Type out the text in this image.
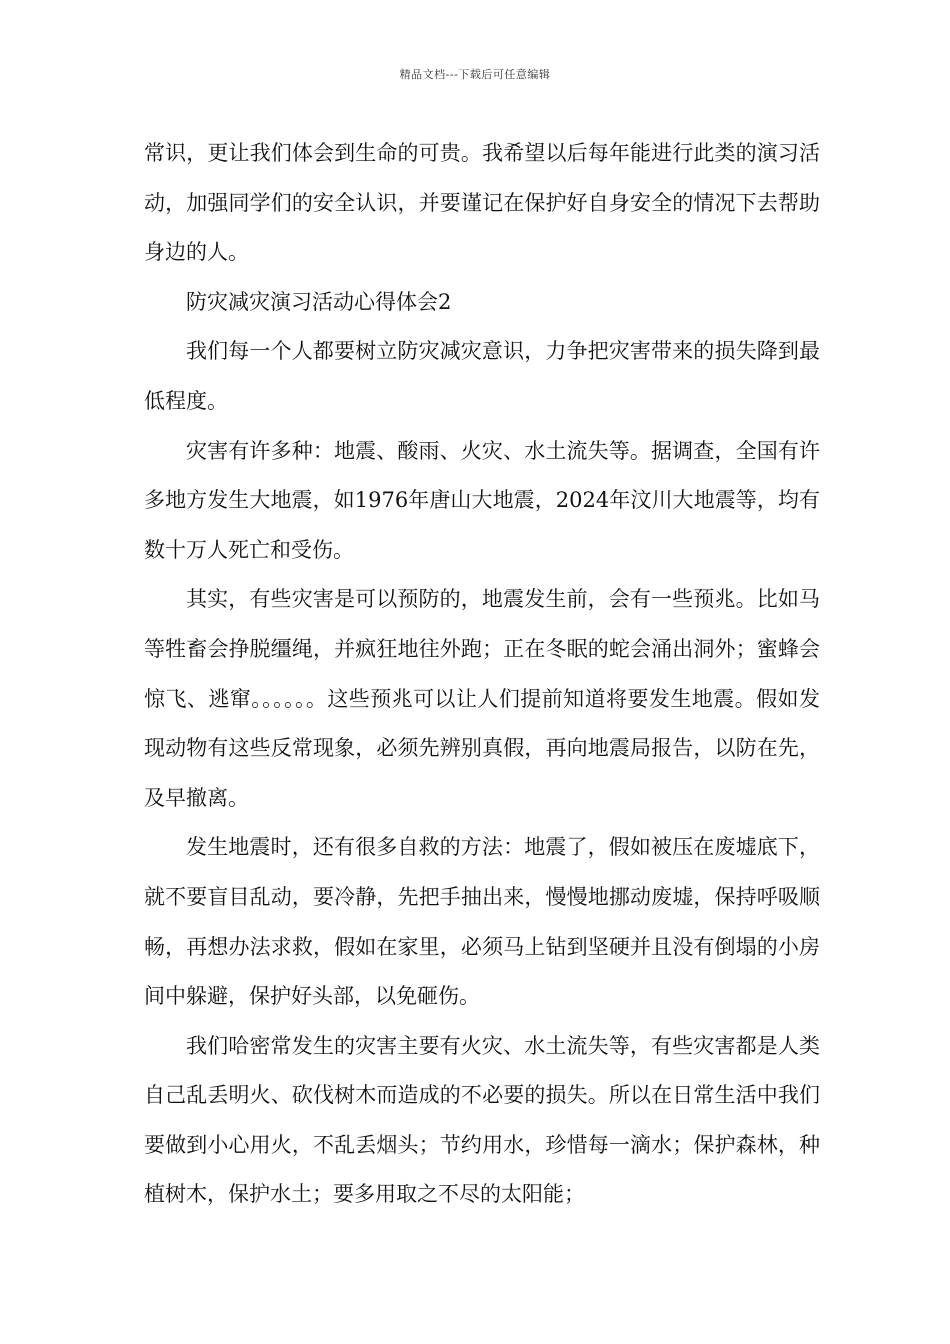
精品文档---下载后可任意编辑

常识，更让我们体会到生命的可贵。我希望以后每年能进行此类的演习活动，加强同学们的安全认识，并要谨记在保护好自身安全的情况下去帮助身边的人。

防灾减灾演习活动心得体会2

我们每一个人都要树立防灾减灾意识，力争把灾害带来的损失降到最低程度。

灾害有许多种：地震、酸雨、火灾、水土流失等。据调查，全国有许多地方发生大地震，如1976年唐山大地震，2024年汶川大地震等，均有数十万人死亡和受伤。

其实，有些灾害是可以预防的，地震发生前，会有一些预兆。比如马等牲畜会挣脱缰绳，并疯狂地往外跑；正在冬眠的蛇会涌出洞外；蜜蜂会惊飞、逃窜。。。。。。这些预兆可以让人们提前知道将要发生地震。假如发现动物有这些反常现象，必须先辨别真假，再向地震局报告，以防在先，及早撤离。

发生地震时，还有很多自救的方法：地震了，假如被压在废墟底下，就不要盲目乱动，要冷静，先把手抽出来，慢慢地挪动废墟，保持呼吸顺畅，再想办法求救，假如在家里，必须马上钻到坚硬并且没有倒塌的小房间中躲避，保护好头部，以免砸伤。

我们哈密常发生的灾害主要有火灾、水土流失等，有些灾害都是人类自己乱丢明火、砍伐树木而造成的不必要的损失。所以在日常生活中我们要做到小心用火，不乱丢烟头；节约用水，珍惜每一滴水；保护森林，种植树木，保护水土；要多用取之不尽的太阳能；
